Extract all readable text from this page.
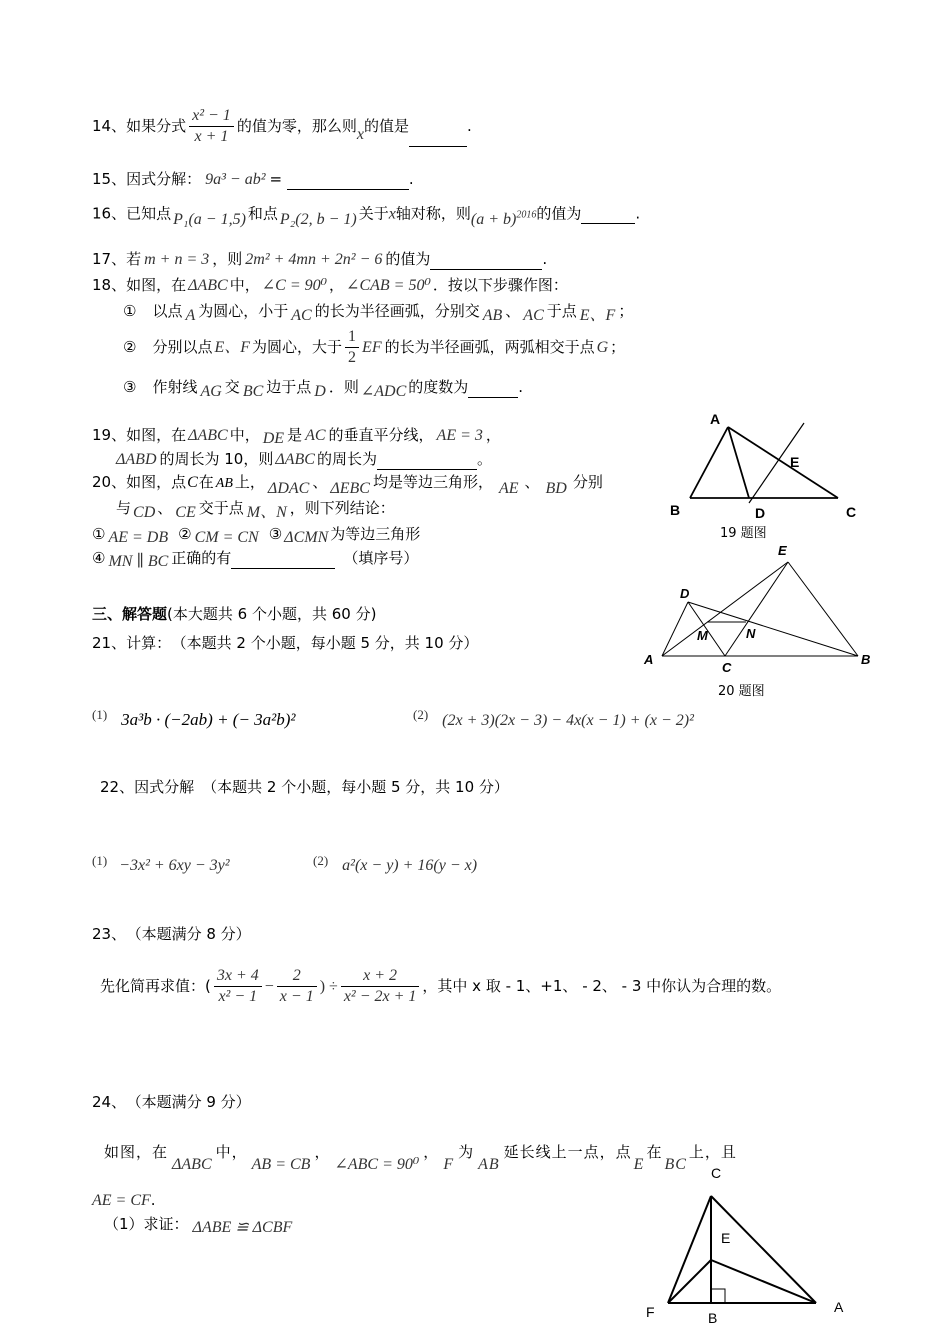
14、如果分式 $\frac{\text{x² − 1}}{x + 1}$ 的值为零，那么则x的值是	.
15、因式分解： 9a³ − ab² =	.
16、已知点 P₁(a − 1,5) 和点 P₂(2, b − 1) 关于x轴对称，则$(a + b)^{2016}$的值为	.
17、若 m + n = 3 ，则 2m² + 4mn + 2n² − 6 的值为	.
18、如图，在 ΔABC 中， ∠C = 90⁰ ， ∠CAB = 50⁰ ．按以下步骤作图：
① 以点 A 为圆心，小于 AC 的长为半径画弧，分别交 AB 、 AC 于点 E、F ；
② 分别以点 E、F 为圆心，大于 $\frac{1}{2}$ EF 的长为半径画弧，两弧相交于点 G ；
③ 作射线 AG 交 BC 边于点 D ．则 ∠ADC 的度数为	.
19、如图，在 ΔABC 中， DE 是 AC 的垂直平分线， AE = 3 ，
ΔABD 的周长为 10，则 ΔABC 的周长为	。
20、如图，点C在 AB 上， ΔDAC 、 ΔEBC 均是等边三角形， AE 、 BD 分别
与 CD 、 CE 交于点 M、N ，则下列结论：
① AE = DB ② CM = CN ③ ΔCMN 为等边三角形
④ MN ∥ BC 正确的有	（填序号）
三、解答题(本大题共 6 个小题，共 60 分)
21、计算： （本题共 2 个小题，每小题 5 分，共 10 分）
(1) 3a³b · (−2ab) + (− 3a²b)²	(2) (2x + 3)(2x − 3) − 4x(x − 1) + (x − 2)²
22、因式分解 （本题共 2 个小题，每小题 5 分，共 10 分）
(1) −3x² + 6xy − 3y²	(2) a²(x − y) + 16(y − x)
23、 （本题满分 8 分）
先化简再求值：( $\frac{3x + 4}{\text{x² − 1}} - \frac{2}{x - 1}$ ) ÷ $\frac{x + 2}{\text{x² − 2x + 1}}$ ，其中 x 取 - 1、+1、 - 2、 - 3 中你认为合理的数。
24、 （本题满分 9 分）
如图，在ΔABC中，AB = CB，∠ABC = 90⁰，F为AB延长线上一点，点E在BC上，且
AE = CF.
（1）求证： ΔABE ≌ ΔCBF
A
B	C
D
E
19 题图
E
D
M	N
A
C
B
20 题图
C
E
F	B
A
